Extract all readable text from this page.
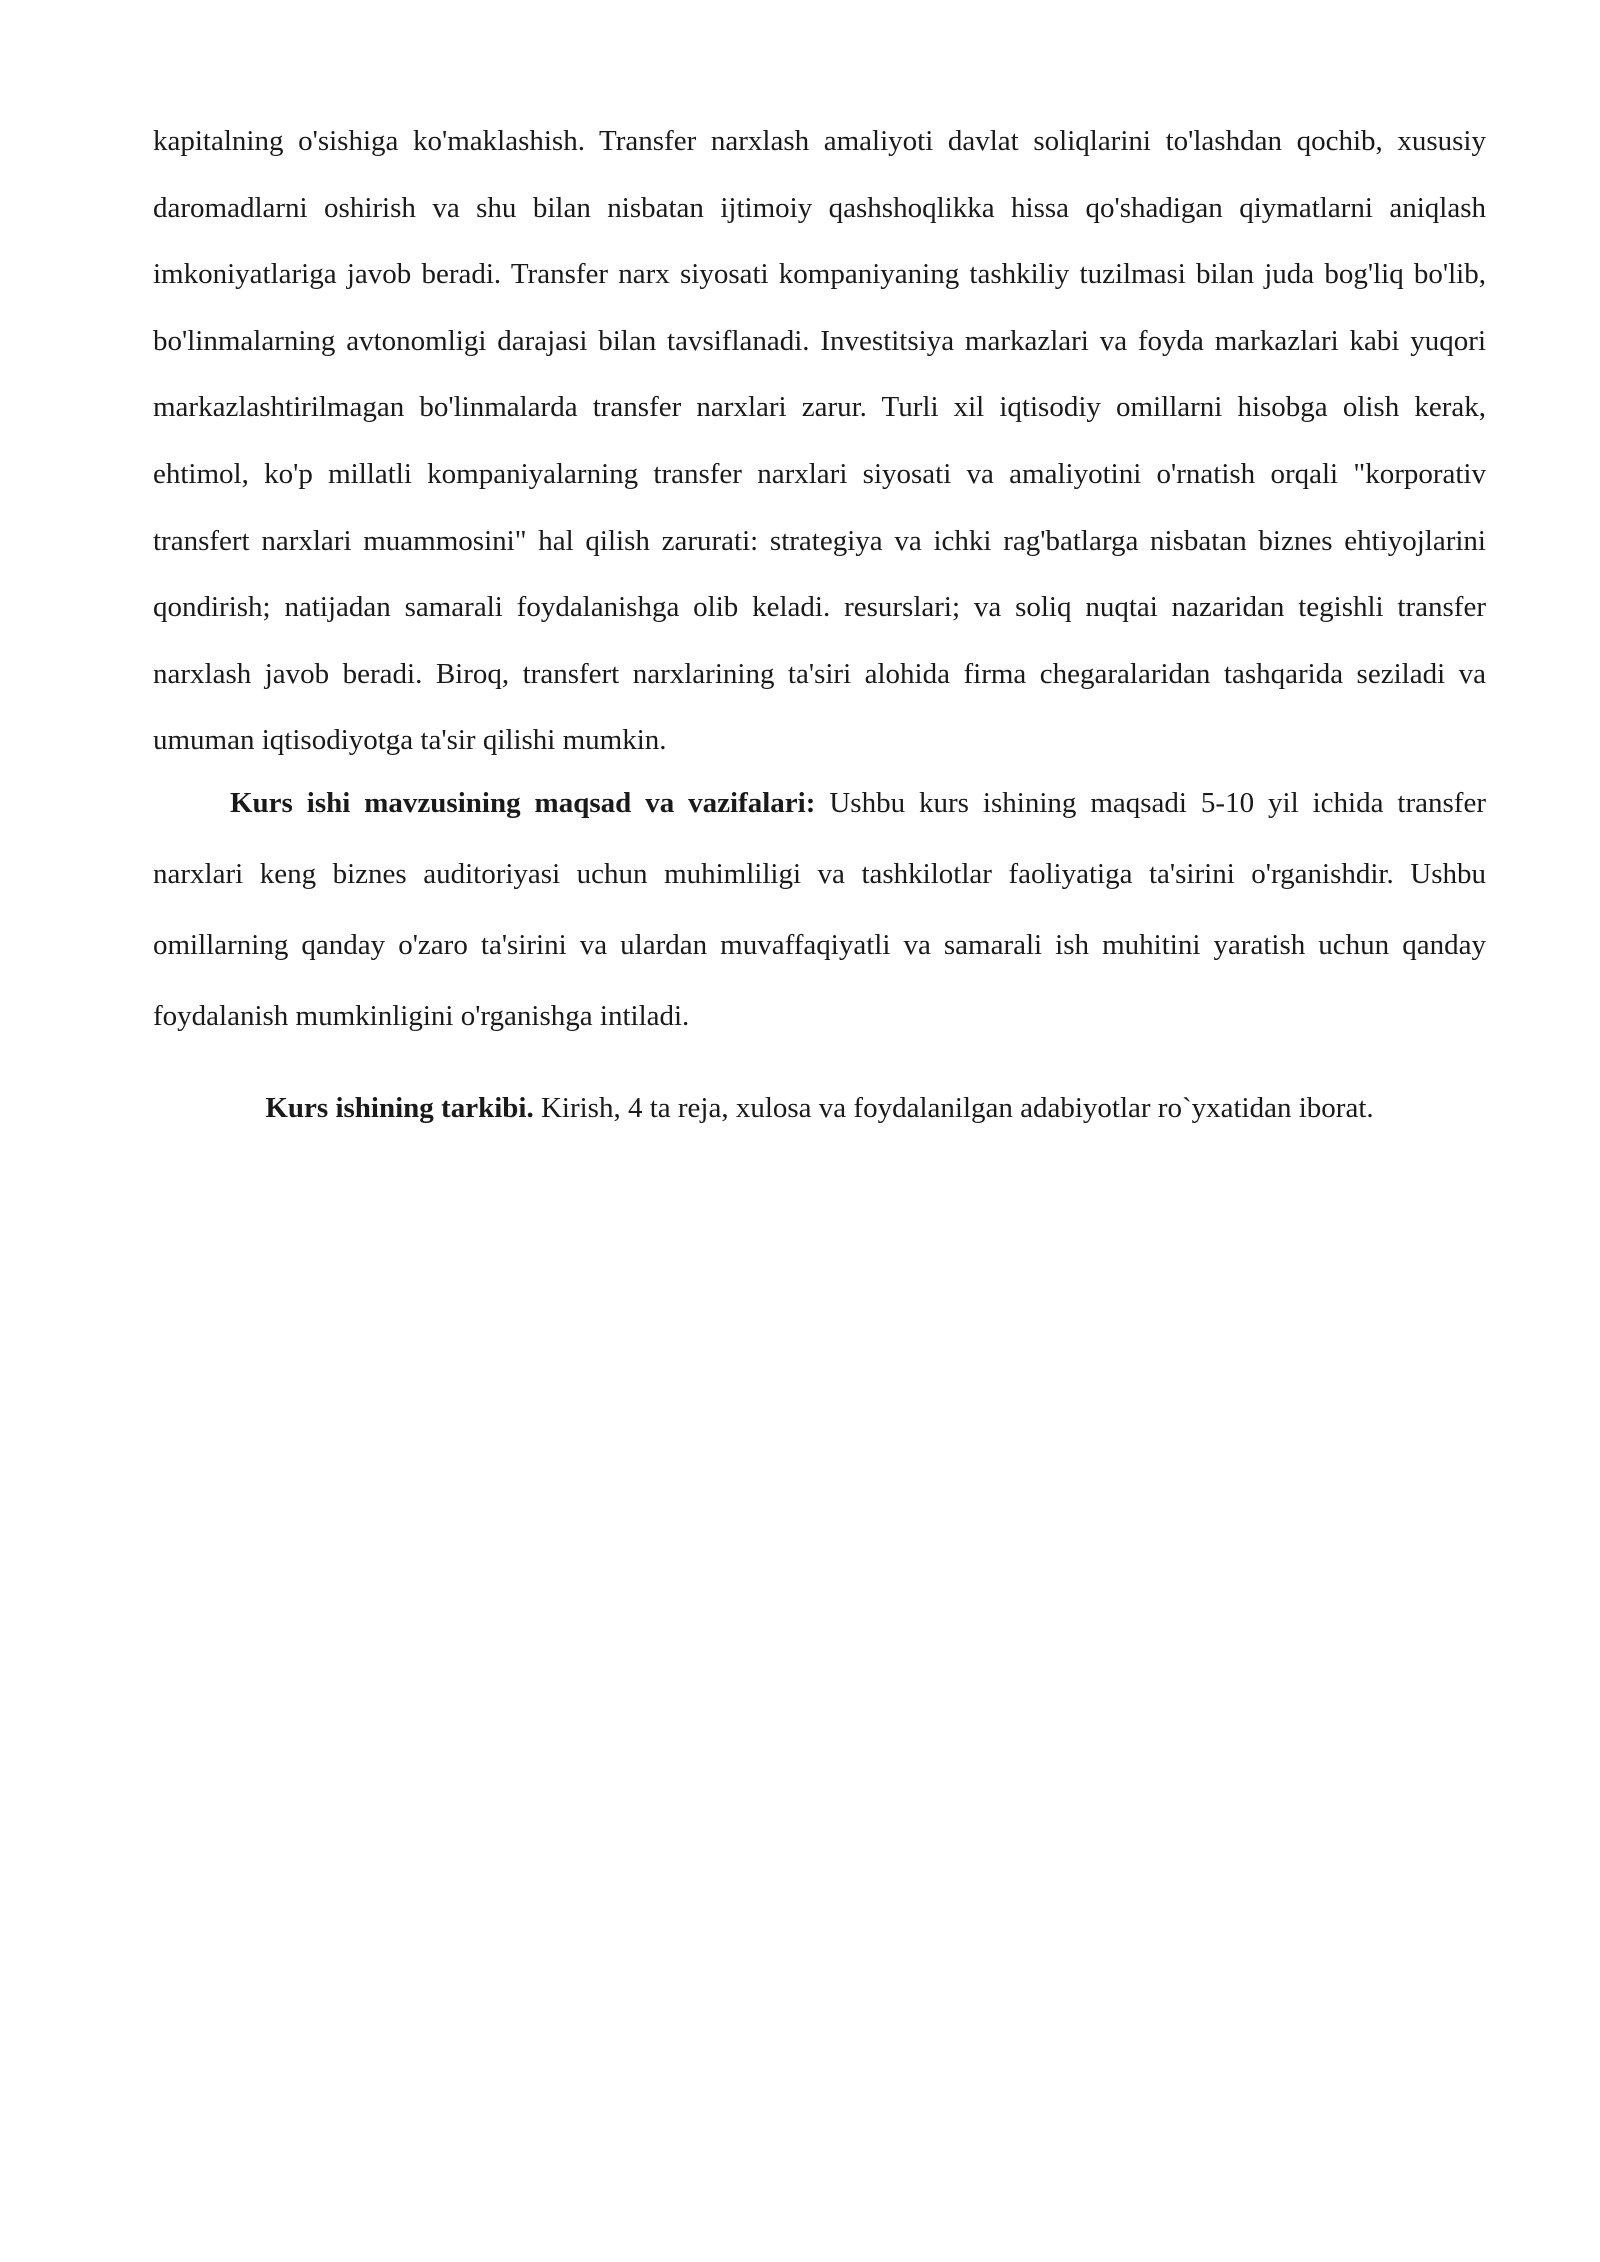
kapitalning o'sishiga ko'maklashish. Transfer narxlash amaliyoti davlat soliqlarini to'lashdan qochib, xususiy daromadlarni oshirish va shu bilan nisbatan ijtimoiy qashshoqlikka hissa qo'shadigan qiymatlarni aniqlash imkoniyatlariga javob beradi. Transfer narx siyosati kompaniyaning tashkiliy tuzilmasi bilan juda bog'liq bo'lib, bo'linmalarning avtonomligi darajasi bilan tavsiflanadi. Investitsiya markazlari va foyda markazlari kabi yuqori markazlashtirilmagan bo'linmalarda transfer narxlari zarur. Turli xil iqtisodiy omillarni hisobga olish kerak, ehtimol, ko'p millatli kompaniyalarning transfer narxlari siyosati va amaliyotini o'rnatish orqali "korporativ transfert narxlari muammosini" hal qilish zarurati: strategiya va ichki rag'batlarga nisbatan biznes ehtiyojlarini qondirish; natijadan samarali foydalanishga olib keladi. resurslari; va soliq nuqtai nazaridan tegishli transfer narxlash javob beradi. Biroq, transfert narxlarining ta'siri alohida firma chegaralaridan tashqarida seziladi va umuman iqtisodiyotga ta'sir qilishi mumkin.

Kurs ishi mavzusining maqsad va vazifalari: Ushbu kurs ishining maqsadi 5-10 yil ichida transfer narxlari keng biznes auditoriyasi uchun muhimliligi va tashkilotlar faoliyatiga ta'sirini o'rganishdir. Ushbu omillarning qanday o'zaro ta'sirini va ulardan muvaffaqiyatli va samarali ish muhitini yaratish uchun qanday foydalanish mumkinligini o'rganishga intiladi.

Kurs ishining tarkibi. Kirish, 4 ta reja, xulosa va foydalanilgan adabiyotlar ro`yxatidan iborat.
